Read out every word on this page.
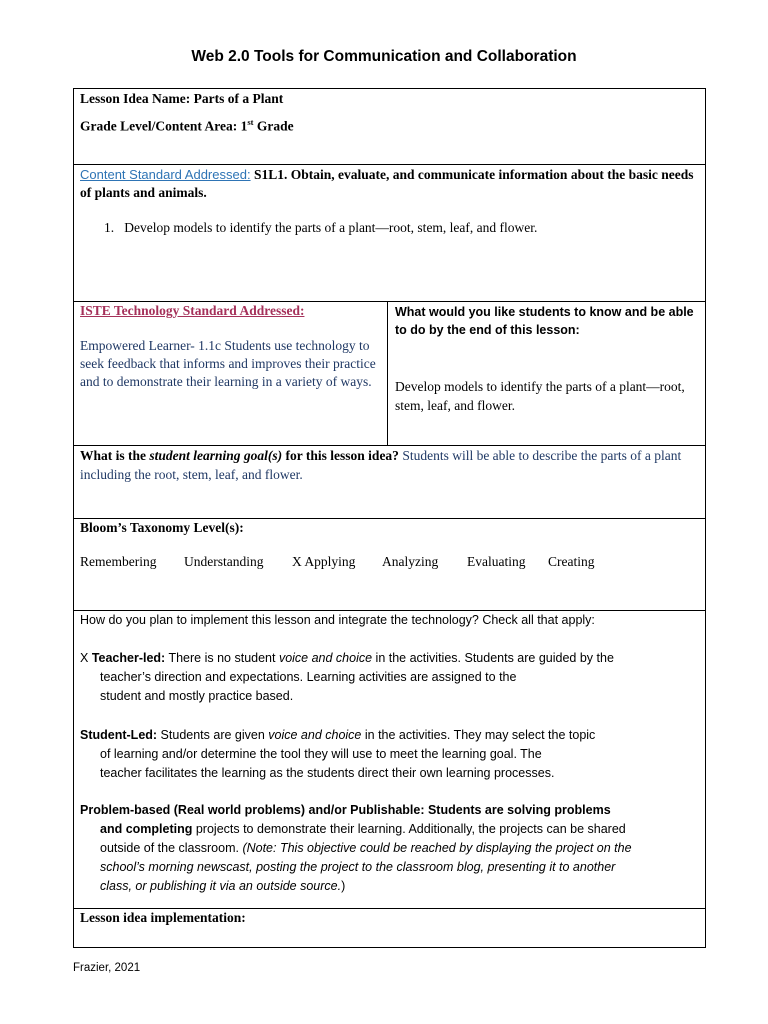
Web 2.0 Tools for Communication and Collaboration
Lesson Idea Name: Parts of a Plant
Grade Level/Content Area: 1st Grade
Content Standard Addressed: S1L1. Obtain, evaluate, and communicate information about the basic needs of plants and animals.
1. Develop models to identify the parts of a plant—root, stem, leaf, and flower.
ISTE Technology Standard Addressed:
Empowered Learner- 1.1c Students use technology to seek feedback that informs and improves their practice and to demonstrate their learning in a variety of ways.
What would you like students to know and be able to do by the end of this lesson:
Develop models to identify the parts of a plant—root, stem, leaf, and flower.
What is the student learning goal(s) for this lesson idea? Students will be able to describe the parts of a plant including the root, stem, leaf, and flower.
Bloom’s Taxonomy Level(s):
Remembering Understanding X Applying Analyzing Evaluating Creating
How do you plan to implement this lesson and integrate the technology? Check all that apply:
X Teacher-led: There is no student voice and choice in the activities. Students are guided by the
teacher’s direction and expectations. Learning activities are assigned to the
student and mostly practice based.
Student-Led: Students are given voice and choice in the activities. They may select the topic
of learning and/or determine the tool they will use to meet the learning goal. The
teacher facilitates the learning as the students direct their own learning processes.
Problem-based (Real world problems) and/or Publishable: Students are solving problems
and completing projects to demonstrate their learning. Additionally, the projects can be shared
outside of the classroom. (Note: This objective could be reached by displaying the project on the
school’s morning newscast, posting the project to the classroom blog, presenting it to another
class, or publishing it via an outside source.)
Lesson idea implementation:
Frazier, 2021
